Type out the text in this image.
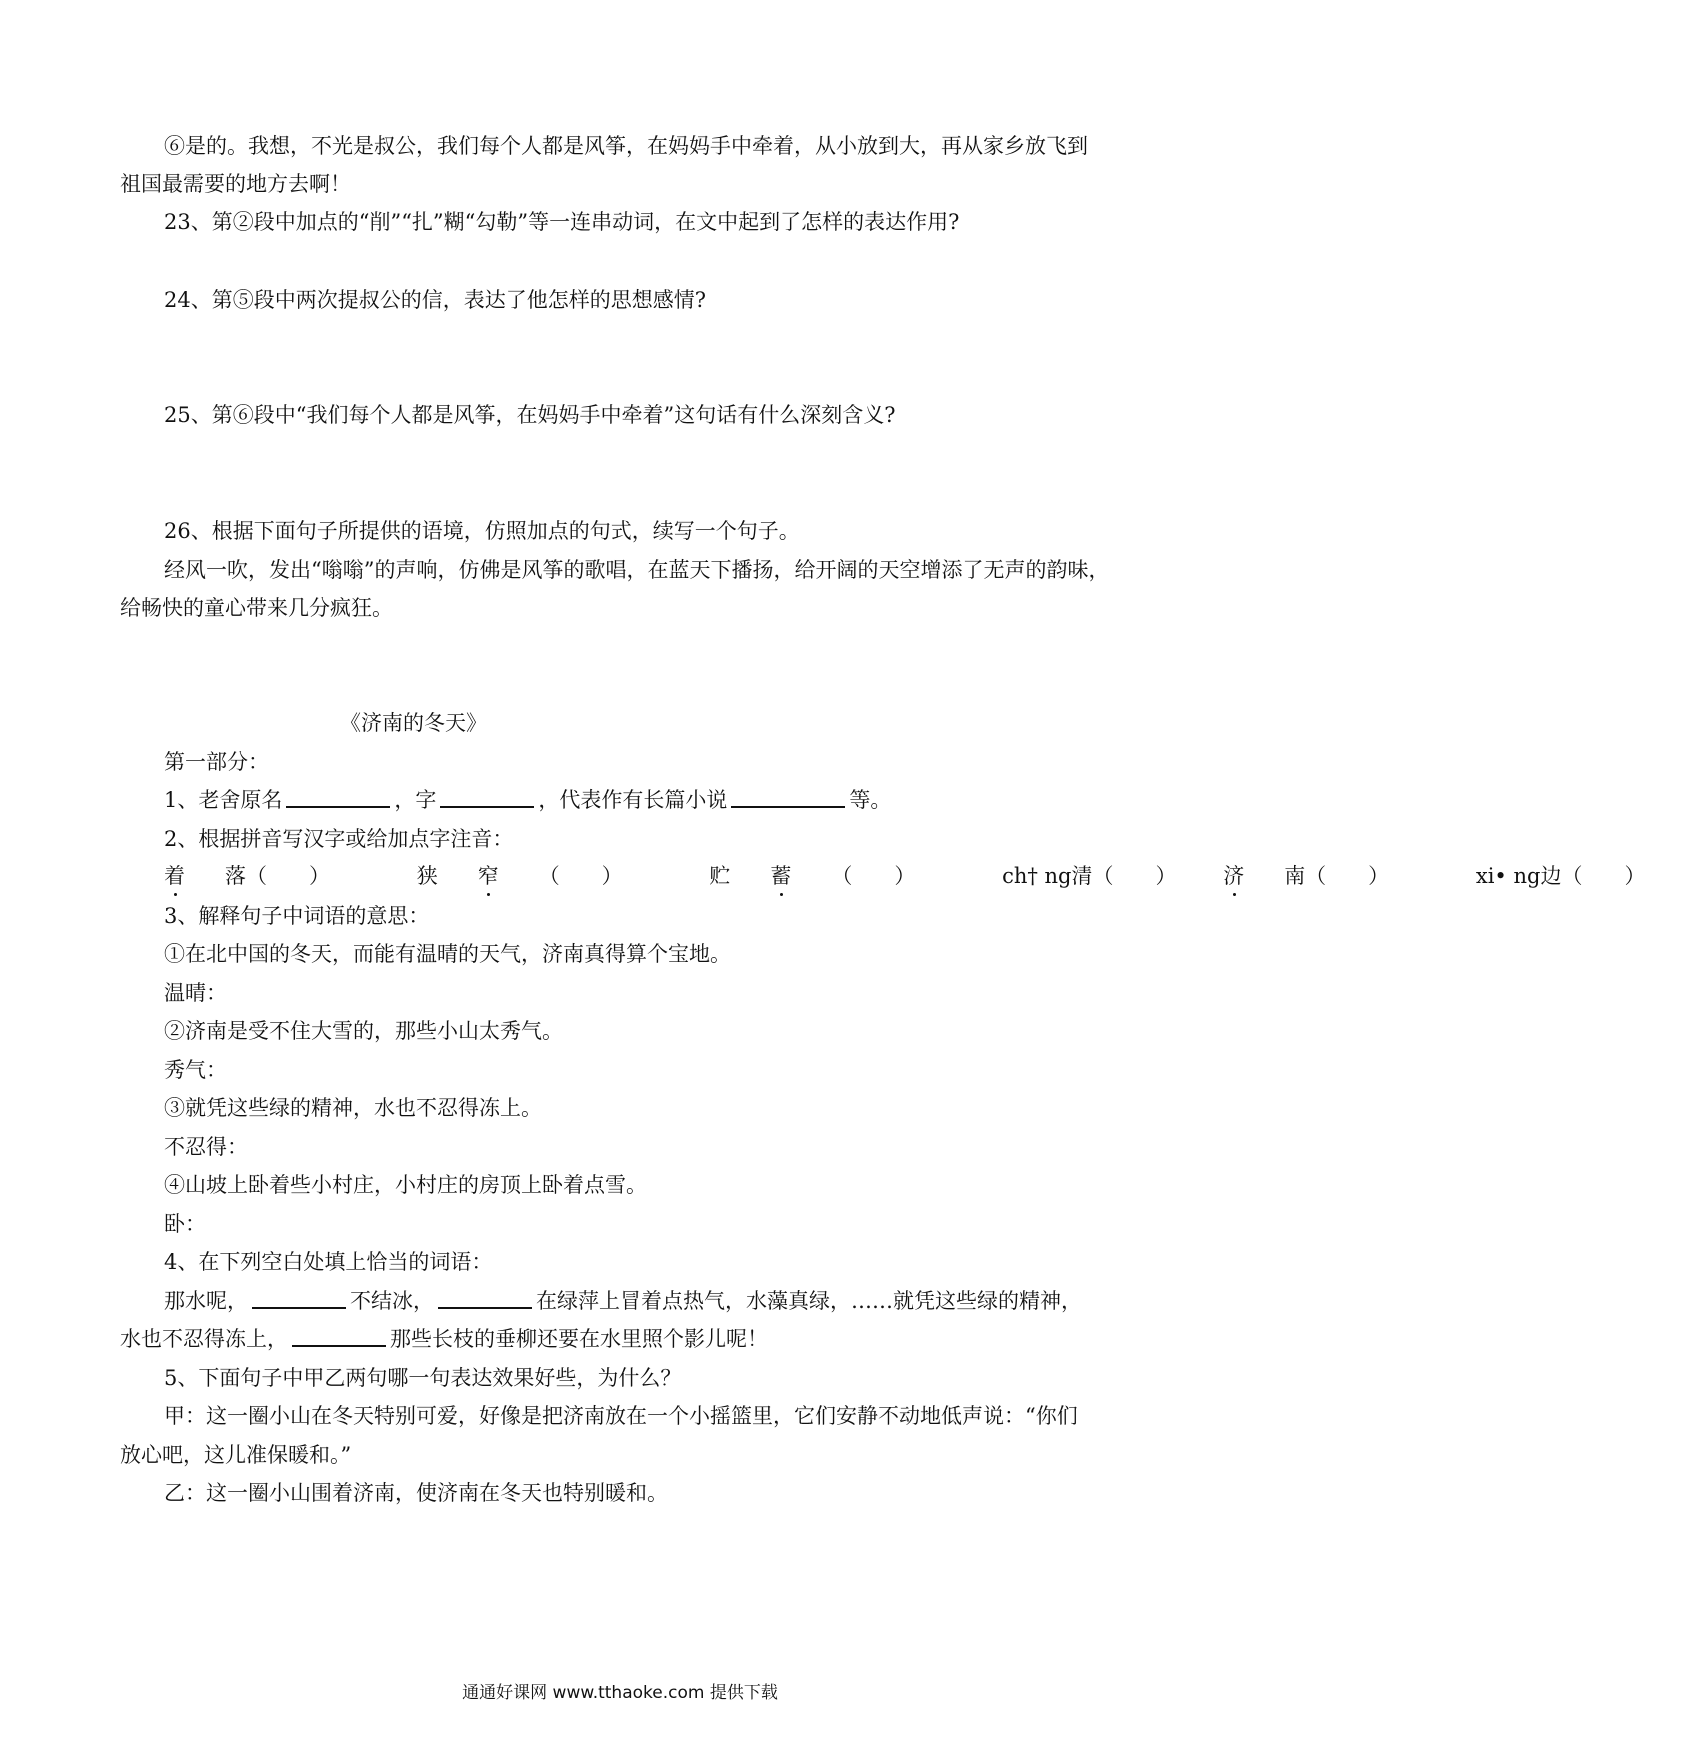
⑥是的。我想，不光是叔公，我们每个人都是风筝，在妈妈手中牵着，从小放到大，再从家乡放飞到
祖国最需要的地方去啊！
23、第②段中加点的“削”“扎”糊“勾勒”等一连串动词，在文中起到了怎样的表达作用?
24、第⑤段中两次提叔公的信，表达了他怎样的思想感情?
25、第⑥段中“我们每个人都是风筝，在妈妈手中牵着”这句话有什么深刻含义?
26、根据下面句子所提供的语境，仿照加点的句式，续写一个句子。
经风一吹，发出“嗡嗡”的声响，仿佛是风筝的歌唱，在蓝天下播扬，给开阔的天空增添了无声的韵味，
给畅快的童心带来几分疯狂。
《济南的冬天》
第一部分：
1、老舍原名	，字	，代表作有长篇小说	等。
2、根据拼音写汉字或给加点字注音：
着 落（　　）	狭 窄 （　　）	贮 蓄 （　　）	ch† ng清（　　） 济 南（　　）	xi• ng边（　　）
3、解释句子中词语的意思：
①在北中国的冬天，而能有温晴的天气，济南真得算个宝地。
温晴：
②济南是受不住大雪的，那些小山太秀气。
秀气：
③就凭这些绿的精神，水也不忍得冻上。
不忍得：
④山坡上卧着些小村庄，小村庄的房顶上卧着点雪。
卧：
4、在下列空白处填上恰当的词语：
那水呢，	不结冰，	在绿萍上冒着点热气，水藻真绿，……就凭这些绿的精神，
水也不忍得冻上，	那些长枝的垂柳还要在水里照个影儿呢！
5、下面句子中甲乙两句哪一句表达效果好些，为什么？
甲：这一圈小山在冬天特别可爱，好像是把济南放在一个小摇篮里，它们安静不动地低声说：“你们
放心吧，这儿准保暖和。”
乙：这一圈小山围着济南，使济南在冬天也特别暖和。
通通好课网 www.tthaoke.com 提供下载
